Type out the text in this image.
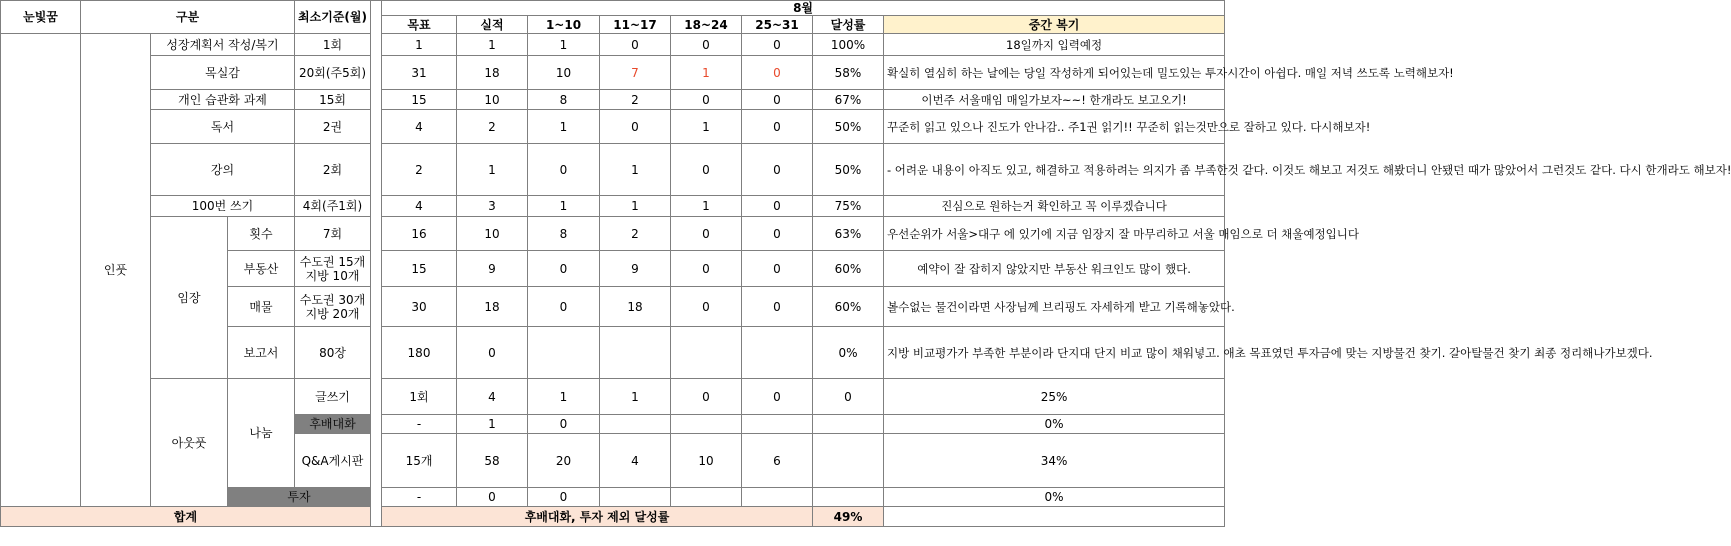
눈빛꿈	구분			최소기준(월)		8월								
						목표	실적	1~10	11~17	18~24	25~31	달성률	중간 복기	
	인풋	성장계획서 작성/복기		1회		1	1	1	0	0	0	100%	18일까지 입력예정	
		목실감		20회(주5회)		31	18	10	7	1	0	58%	확실히 열심히 하는 날에는 당일 작성하게 되어있는데 밀도있는 투자시간이 아쉽다. 매일 저녁 쓰도록 노력해보자!	
		개인 습관화 과제		15회		15	10	8	2	0	0	67%	이번주 서울매임 매일가보자~~! 한개라도 보고오기!	
		독서		2권		4	2	1	0	1	0	50%	꾸준히 읽고 있으나 진도가 안나감.. 주1권 읽기!! 꾸준히 읽는것만으로 잘하고 있다. 다시해보자!	
		강의		2회		2	1	0	1	0	0	50%	- 어려운 내용이 아직도 있고, 해결하고 적용하려는 의지가 좀 부족한것 같다. 이것도 해보고 저것도 해봤더니 안됐던 때가 많았어서 그런것도 같다. 다시 한개라도 해보자!	
		100번 쓰기		4회(주1회)		4	3	1	1	1	0	75%	진심으로 원하는거 확인하고 꼭 이루겠습니다	
		임장	횟수	7회		16	10	8	2	0	0	63%	우선순위가 서울>대구 에 있기에 지금 임장지 잘 마무리하고 서울 매임으로 더 채울예정입니다	
			부동산	수도권 15개
지방 10개		15	9	0	9	0	0	60%	예약이 잘 잡히지 않았지만 부동산 워크인도 많이 했다.	
			매물	수도권 30개
지방 20개		30	18	0	18	0	0	60%	볼수없는 물건이라면 사장님께 브리핑도 자세하게 받고 기록해놓았다.	
			보고서	80장		180	0					0%	지방 비교평가가 부족한 부분이라 단지대 단지 비교 많이 채워넣고. 애초 목표였던 투자금에 맞는 지방물건 찾기. 갈아탈물건 찾기 최종 정리해나가보겠다.	
		아웃풋	나눔	글쓰기		1회	4	1	1	0	0	0	25%	
				후배대화		-	1	0					0%	
				Q&A게시판		15개	58	20	4	10	6		34%	
			투자			-	0	0					0%	
합계						후배대화, 투자 제외 달성률						49%		
